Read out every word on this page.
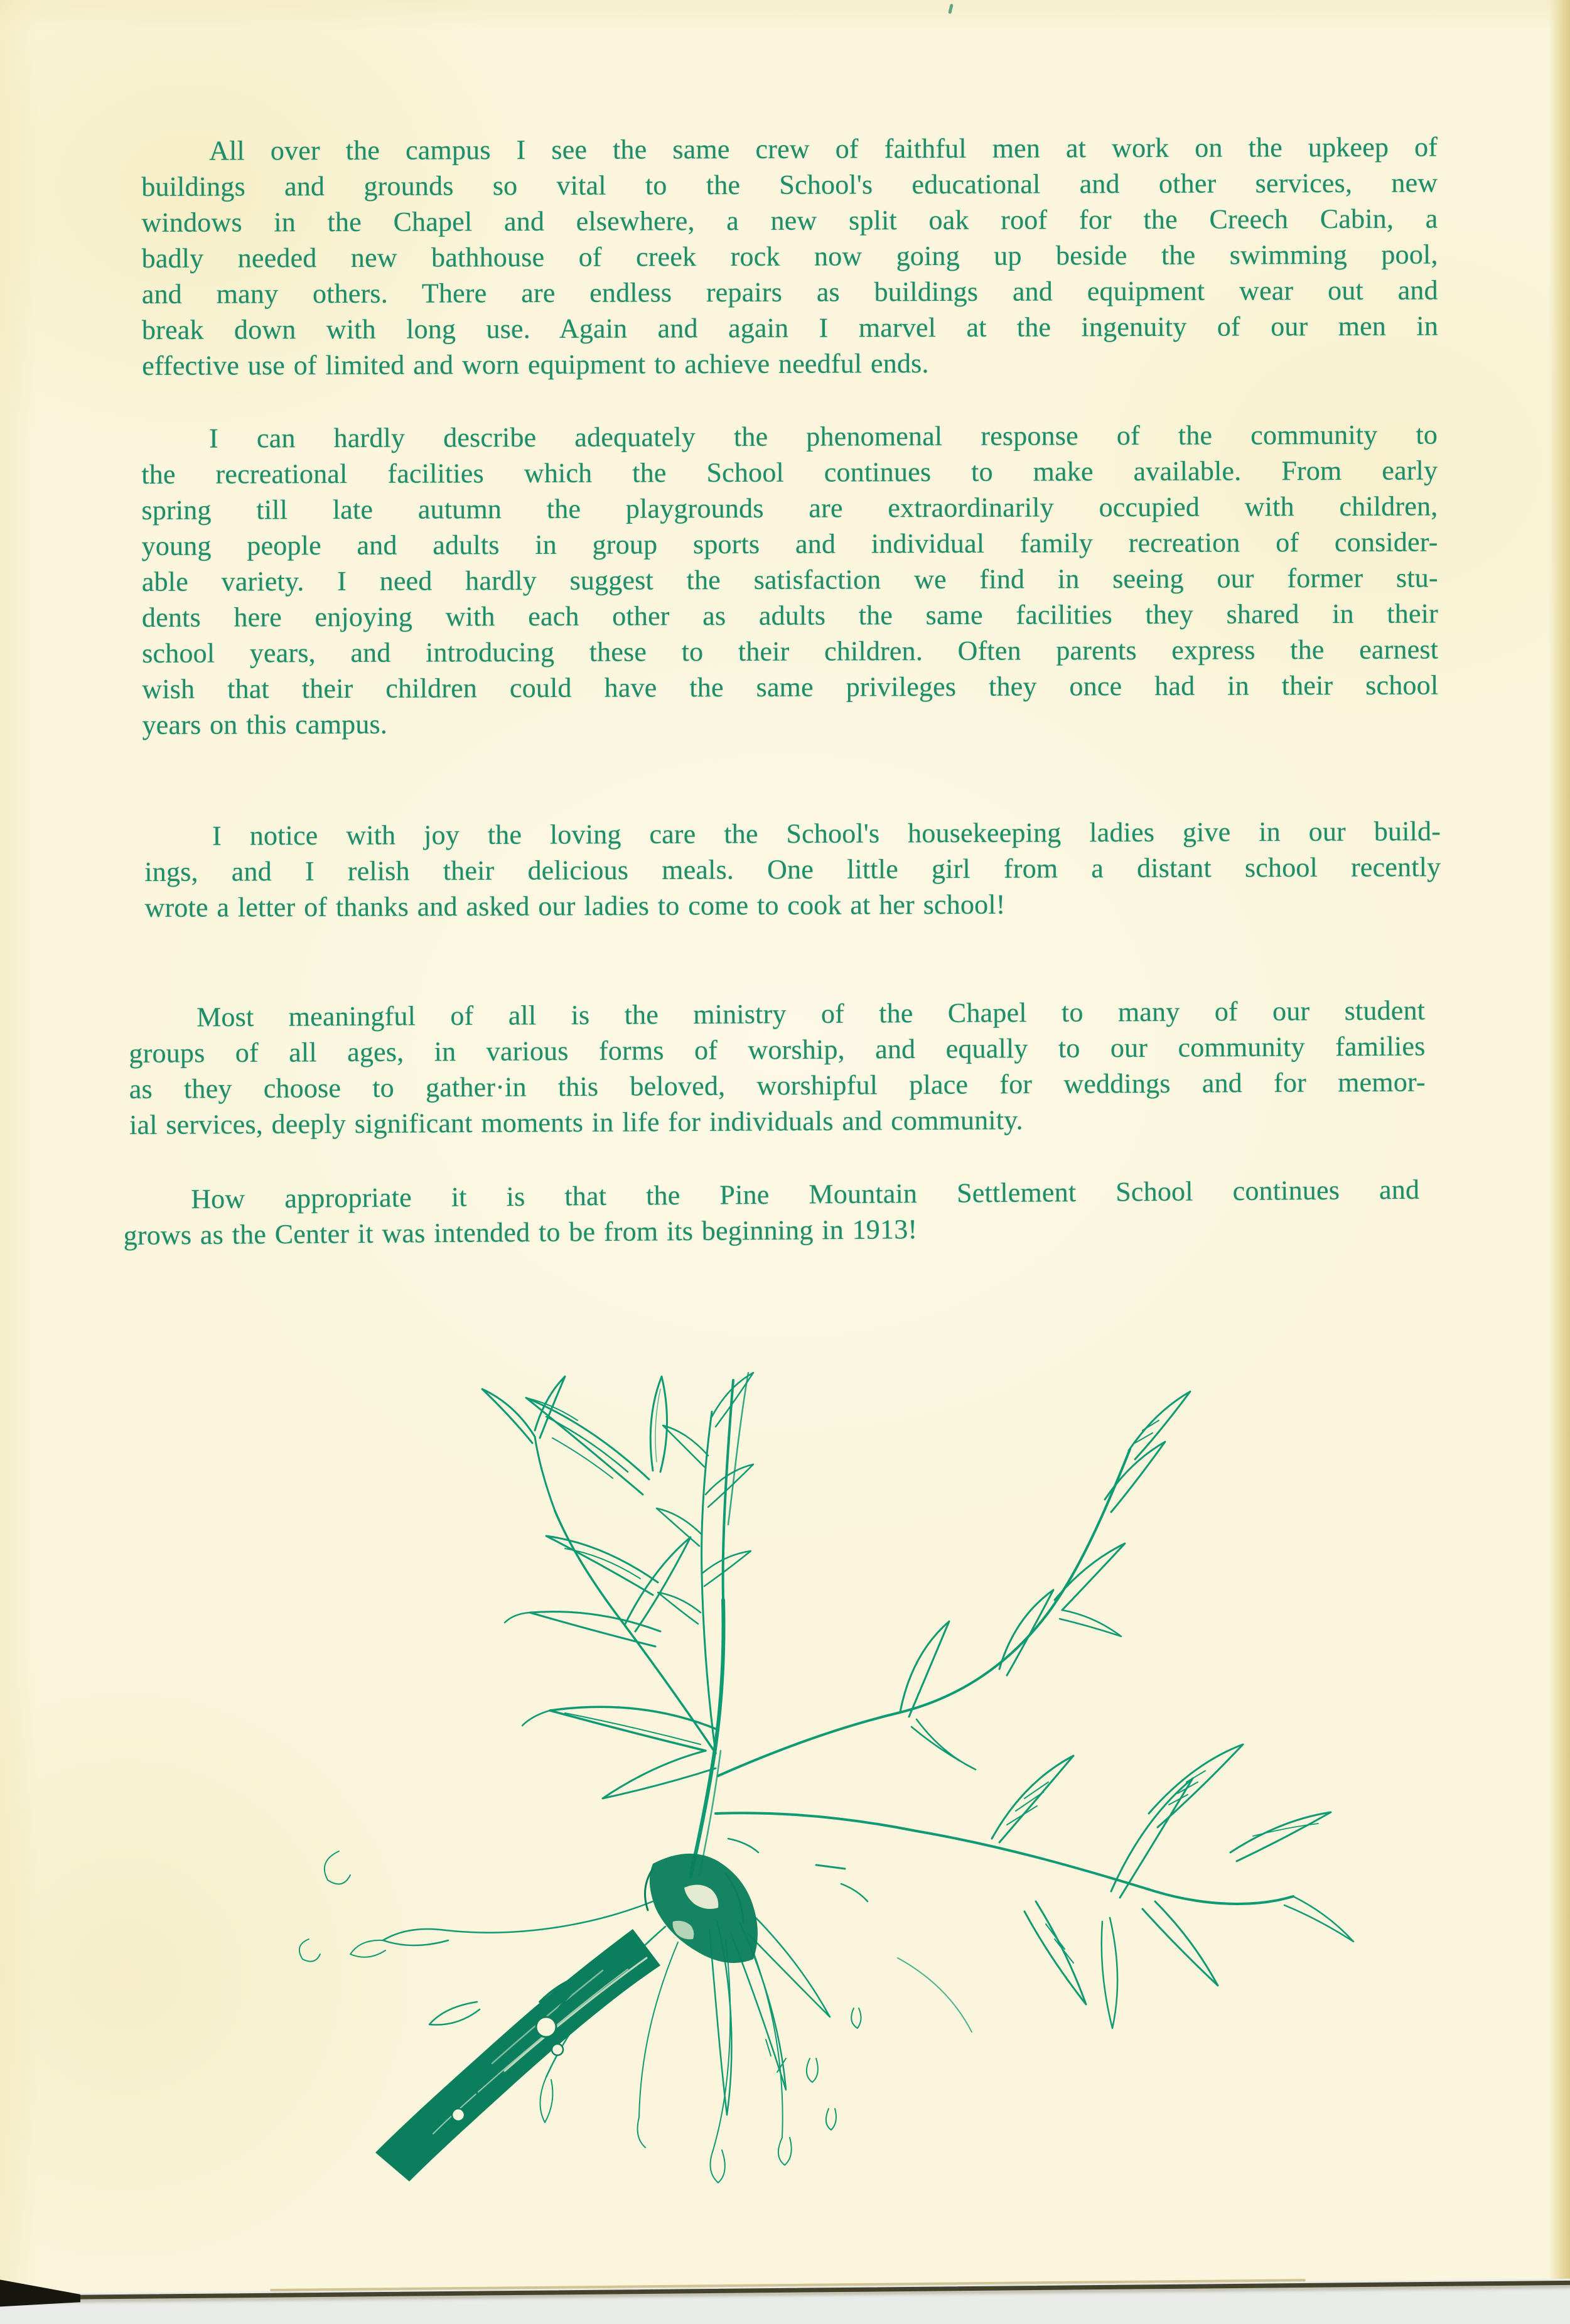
All over the campus I see the same crew of faithful men at work on the upkeep of
buildings and grounds so vital to the School's educational and other services, new
windows in the Chapel and elsewhere, a new split oak roof for the Creech Cabin, a
badly needed new bathhouse of creek rock now going up beside the swimming pool,
and many others. There are endless repairs as buildings and equipment wear out and
break down with long use. Again and again I marvel at the ingenuity of our men in
effective use of limited and worn equipment to achieve needful ends.
I can hardly describe adequately the phenomenal response of the community to
the recreational facilities which the School continues to make available. From early
spring till late autumn the playgrounds are extraordinarily occupied with children,
young people and adults in group sports and individual family recreation of consider-
able variety. I need hardly suggest the satisfaction we find in seeing our former stu-
dents here enjoying with each other as adults the same facilities they shared in their
school years, and introducing these to their children. Often parents express the earnest
wish that their children could have the same privileges they once had in their school
years on this campus.
I notice with joy the loving care the School's housekeeping ladies give in our build-
ings, and I relish their delicious meals. One little girl from a distant school recently
wrote a letter of thanks and asked our ladies to come to cook at her school!
Most meaningful of all is the ministry of the Chapel to many of our student
groups of all ages, in various forms of worship, and equally to our community families
as they choose to gather·in this beloved, worshipful place for weddings and for memor-
ial services, deeply significant moments in life for individuals and community.
How appropriate it is that the Pine Mountain Settlement School continues and
grows as the Center it was intended to be from its beginning in 1913!
